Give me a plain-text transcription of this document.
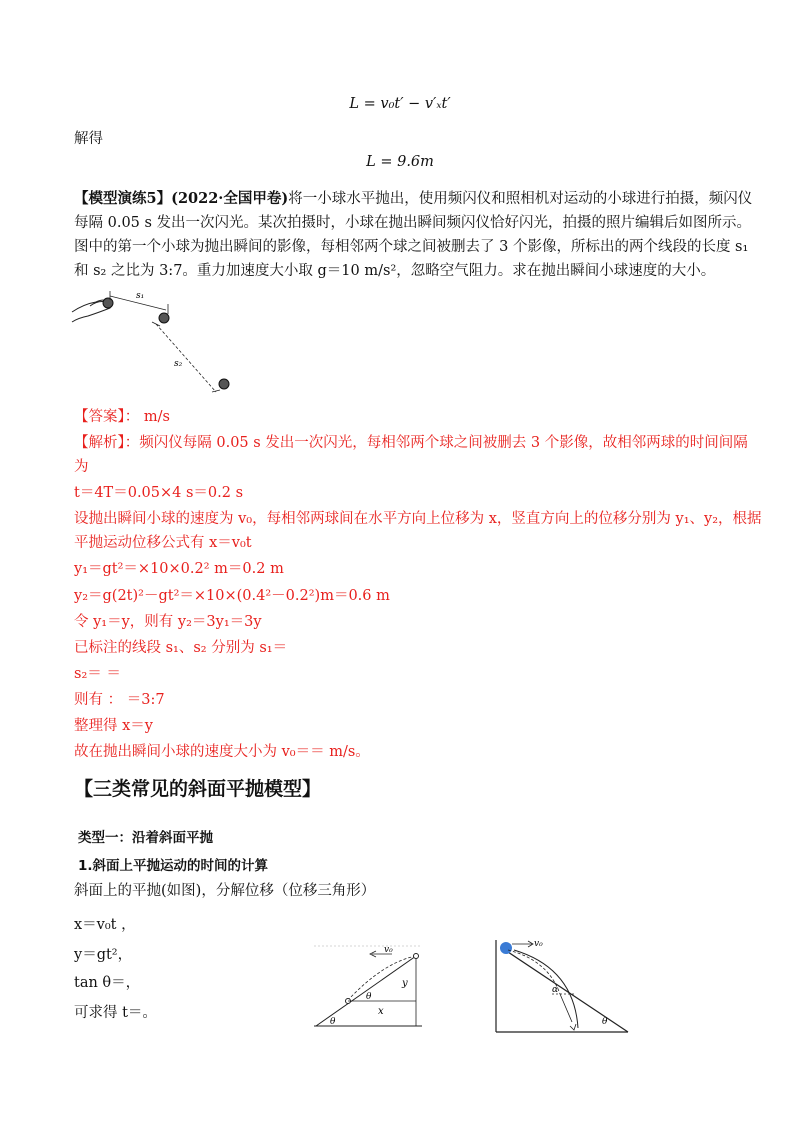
L = v₀t′ − v′ₓt′
解得
L = 9.6m
【模型演练5】(2022·全国甲卷)将一小球水平抛出，使用频闪仪和照相机对运动的小球进行拍摄，频闪仪
每隔 0.05 s 发出一次闪光。某次拍摄时，小球在抛出瞬间频闪仪恰好闪光，拍摄的照片编辑后如图所示。
图中的第一个小球为抛出瞬间的影像，每相邻两个球之间被删去了 3 个影像，所标出的两个线段的长度 s₁
和 s₂ 之比为 3:7。重力加速度大小取 g＝10 m/s²，忽略空气阻力。求在抛出瞬间小球速度的大小。
s₁
s₂
【答案】： m/s
【解析】：频闪仪每隔 0.05 s 发出一次闪光，每相邻两个球之间被删去 3 个影像，故相邻两球的时间间隔
为
t＝4T＝0.05×4 s＝0.2 s
设抛出瞬间小球的速度为 v₀，每相邻两球间在水平方向上位移为 x，竖直方向上的位移分别为 y₁、y₂，根据
平抛运动位移公式有 x＝v₀t
y₁＝gt²＝×10×0.2² m＝0.2 m
y₂＝g(2t)²－gt²＝×10×(0.4²－0.2²)m＝0.6 m
令 y₁＝y，则有 y₂＝3y₁＝3y
已标注的线段 s₁、s₂ 分别为 s₁＝
s₂＝ ＝
则有 ： ＝3:7
整理得 x＝y
故在抛出瞬间小球的速度大小为 v₀＝＝ m/s。
【三类常见的斜面平抛模型】
类型一：沿着斜面平抛
1.斜面上平抛运动的时间的计算
斜面上的平抛(如图)，分解位移（位移三角形）
x＝v₀t ，
y＝gt²，
tan θ＝，
可求得 t＝。
v₀
y
x
θ
θ
v₀
α
θ
